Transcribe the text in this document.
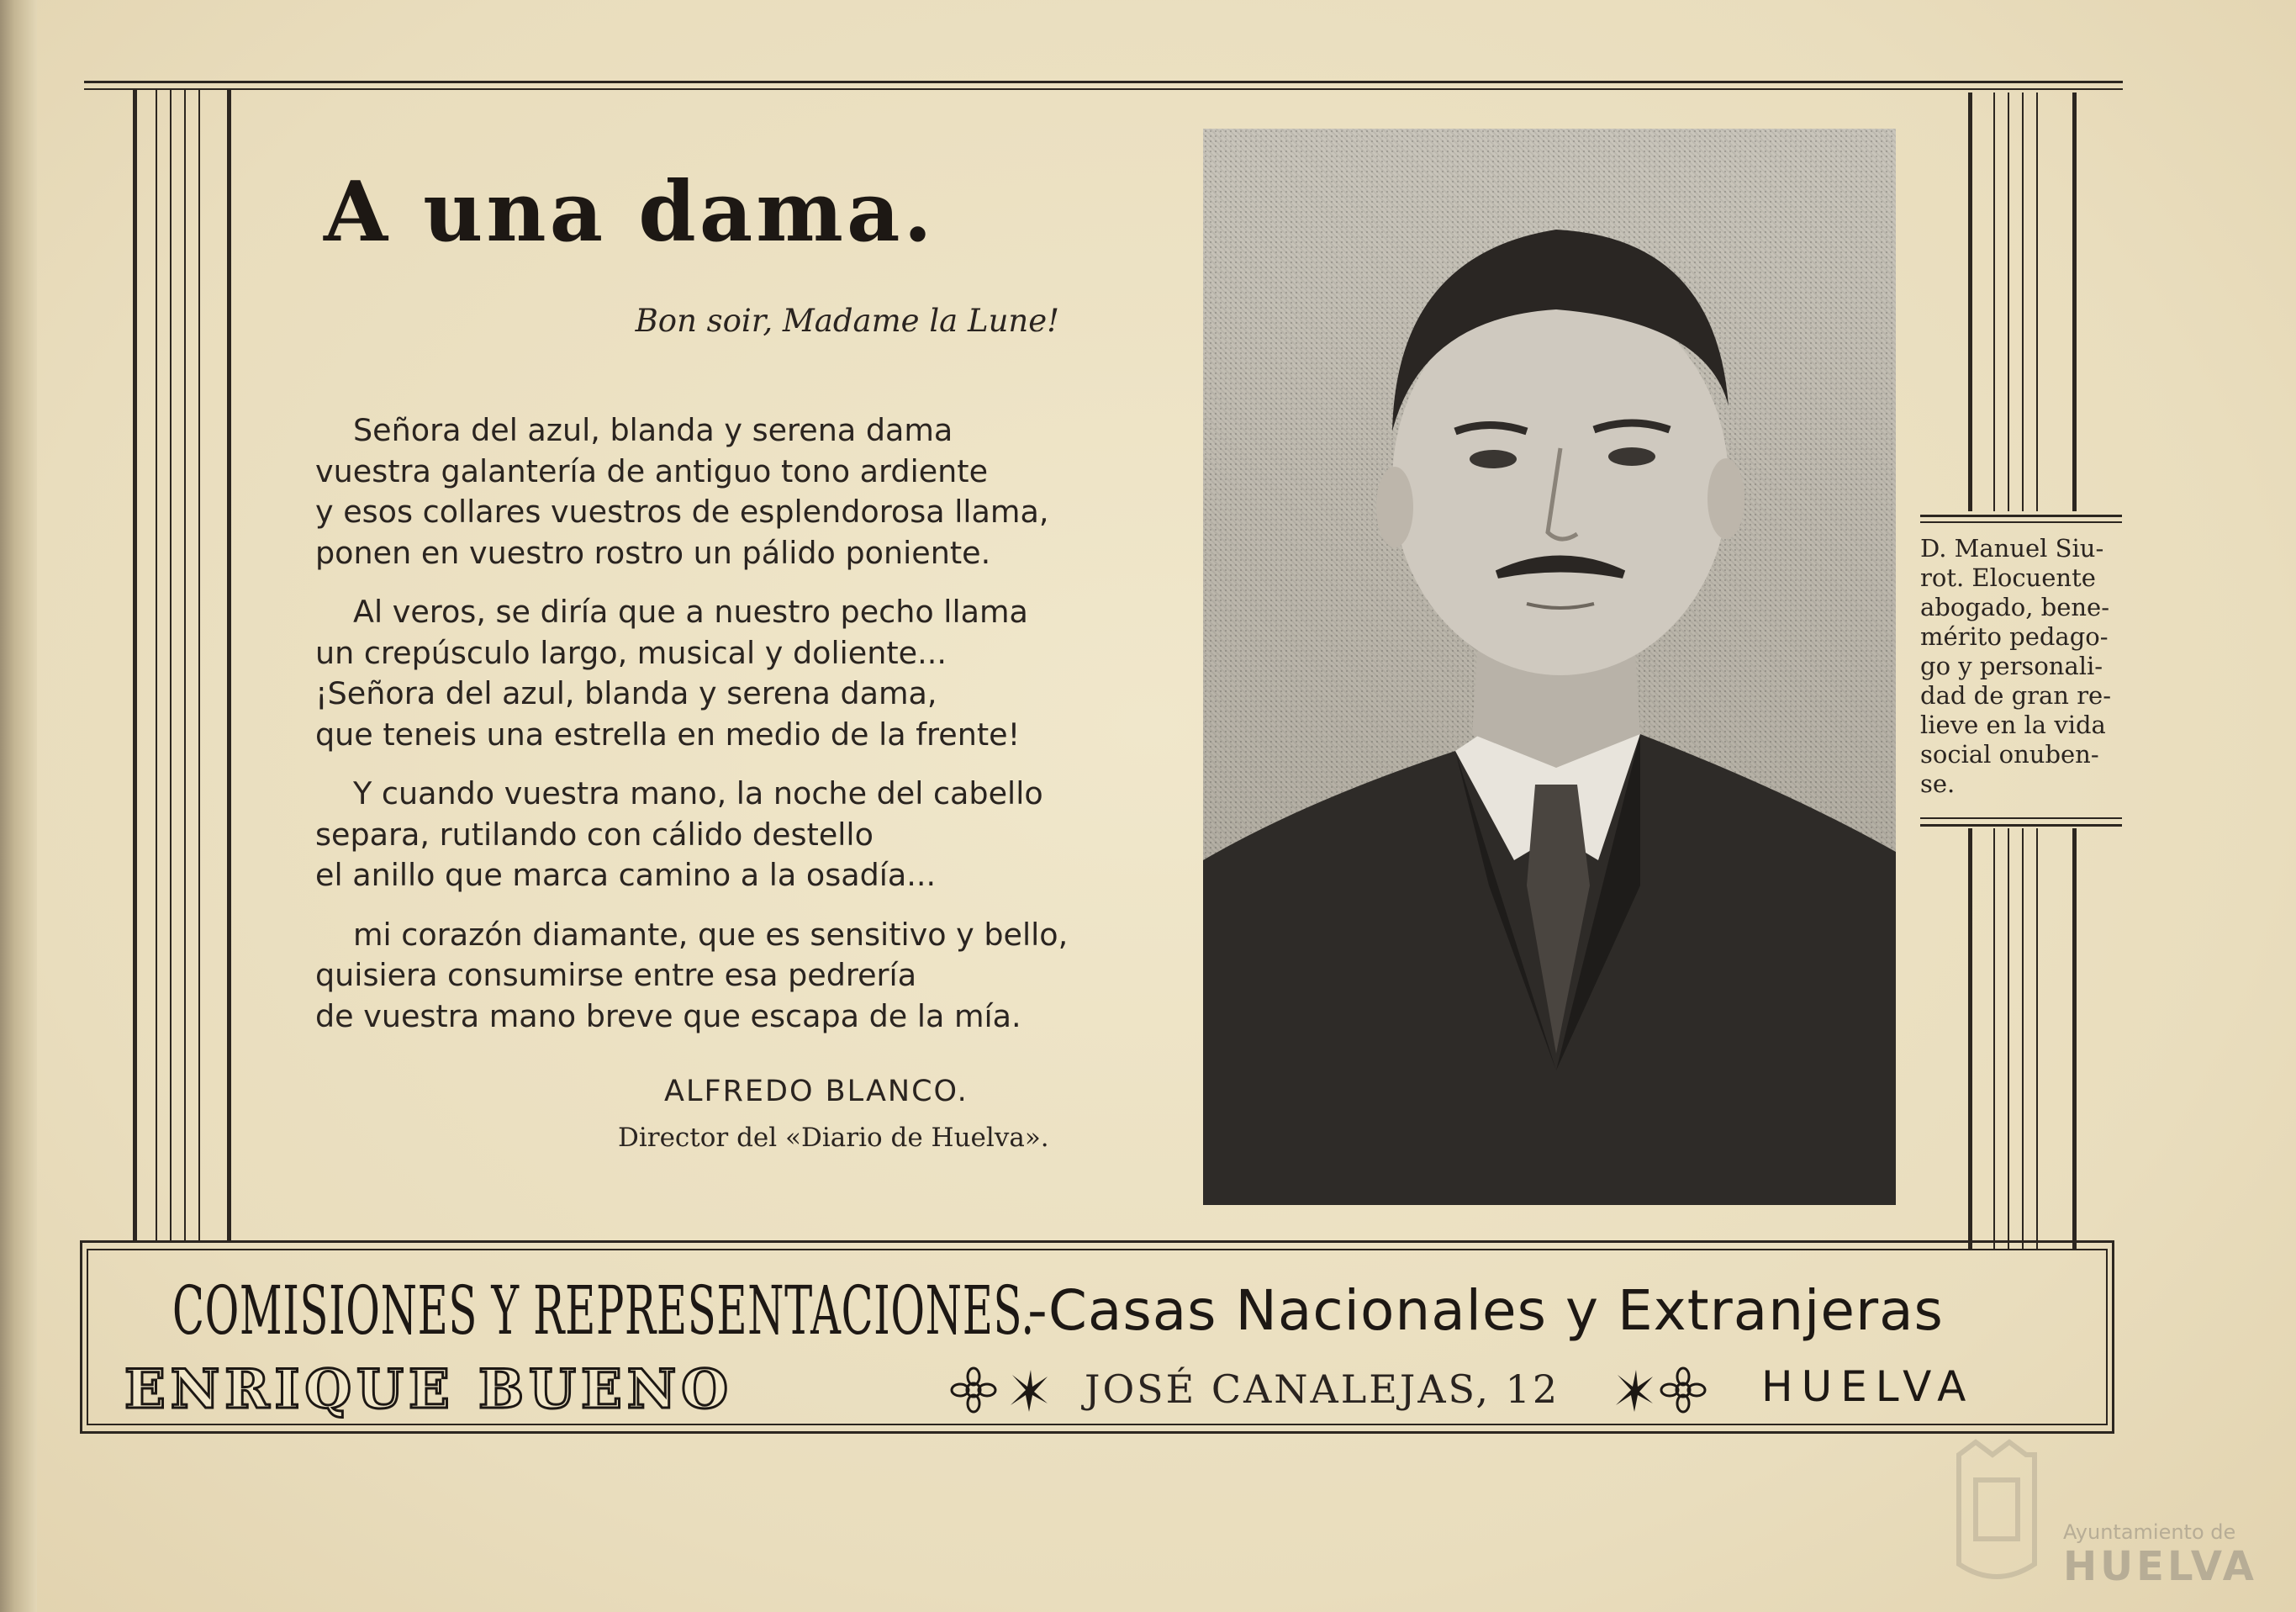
A una dama.
Bon soir, Madame la Lune!

Señora del azul, blanda y serena dama
vuestra galantería de antiguo tono ardiente
y esos collares vuestros de esplendorosa llama,
ponen en vuestro rostro un pálido poniente.

Al veros, se diría que a nuestro pecho llama
un crepúsculo largo, musical y doliente...
¡Señora del azul, blanda y serena dama,
que teneis una estrella en medio de la frente!

Y cuando vuestra mano, la noche del cabello
separa, rutilando con cálido destello
el anillo que marca camino a la osadía...

mi corazón diamante, que es sensitivo y bello,
quisiera consumirse entre esa pedrería
de vuestra mano breve que escapa de la mía.

ALFREDO BLANCO.
Director del «Diario de Huelva».
D. Manuel Siu-
rot. Elocuente
abogado, bene-
mérito pedago-
go y personali-
dad de gran re-
lieve en la vida
social onuben-
se.
COMISIONES Y REPRESENTACIONES.
-Casas Nacionales y Extranjeras
ENRIQUE BUENO	JOSÉ CANALEJAS, 12	HUELVA
Ayuntamiento de
HUELVA
